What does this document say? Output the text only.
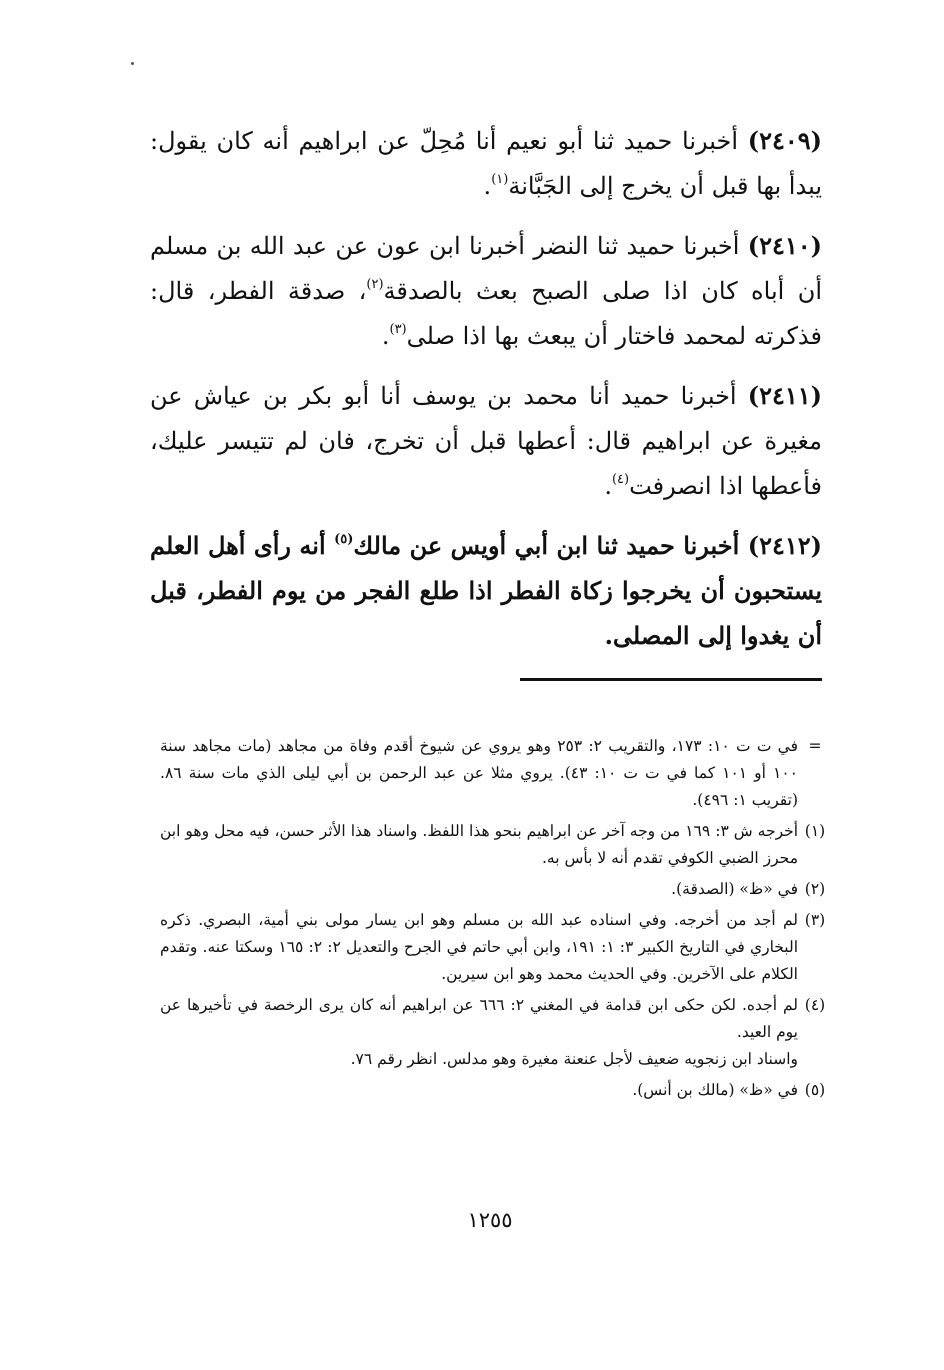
(٢٤٠٩) أخبرنا حميد ثنا أبو نعيم أنا مُحِلّ عن ابراهيم أنه كان يقول: يبدأ بها قبل أن يخرج إلى الجَبَّانة$^{(١)}$.

(٢٤١٠) أخبرنا حميد ثنا النضر أخبرنا ابن عون عن عبد الله بن مسلم أن أباه كان اذا صلى الصبح بعث بالصدقة$^{(٢)}$، صدقة الفطر، قال: فذكرته لمحمد فاختار أن يبعث بها اذا صلى$^{(٣)}$.

(٢٤١١) أخبرنا حميد أنا محمد بن يوسف أنا أبو بكر بن عياش عن مغيرة عن ابراهيم قال: أعطها قبل أن تخرج، فان لم تتيسر عليك، فأعطها اذا انصرفت$^{(٤)}$.

(٢٤١٢) أخبرنا حميد ثنا ابن أبي أويس عن مالك$^{(٥)}$ أنه رأى أهل العلم يستحبون أن يخرجوا زكاة الفطر اذا طلع الفجر من يوم الفطر، قبل أن يغدوا إلى المصلى.

=
في ت ت ١٠: ١٧٣، والتقريب ٢: ٢٥٣ وهو يروي عن شيوخ أقدم وفاة من مجاهد (مات مجاهد سنة ١٠٠ أو ١٠١ كما في ت ت ١٠: ٤٣). يروي مثلا عن عبد الرحمن بن أبي ليلى الذي مات سنة ٨٦. (تقريب ١: ٤٩٦).
(١)
أخرجه ش ٣: ١٦٩ من وجه آخر عن ابراهيم بنحو هذا اللفظ. واسناد هذا الأثر حسن، فيه محل وهو ابن محرز الضبي الكوفي تقدم أنه لا بأس به.
(٢)
في «ظ» (الصدقة).
(٣)
لم أجد من أخرجه. وفي اسناده عبد الله بن مسلم وهو ابن يسار مولى بني أمية، البصري. ذكره البخاري في التاريخ الكبير ٣: ١: ١٩١، وابن أبي حاتم في الجرح والتعديل ٢: ٢: ١٦٥ وسكتا عنه. وتقدم الكلام على الآخرين. وفي الحديث محمد وهو ابن سيرين.
(٤)
لم أجده. لكن حكى ابن قدامة في المغني ٢: ٦٦٦ عن ابراهيم أنه كان يرى الرخصة في تأخيرها عن يوم العيد.
واسناد ابن زنجويه ضعيف لأجل عنعنة مغيرة وهو مدلس. انظر رقم ٧٦.
(٥)
في «ظ» (مالك بن أنس).
١٢٥٥
